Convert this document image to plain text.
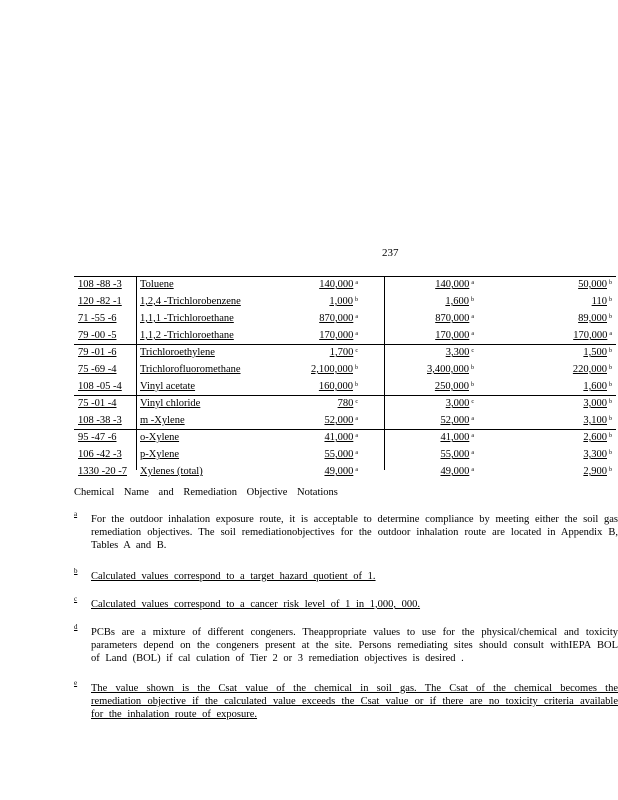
237
108 -88 -3	Toluene	140,000 $^a$	140,000 $^a$	50,000 $^b$
120 -82 -1	1,2,4 -Trichlorobenzene	1,000 $^b$	1,600 $^b$	110 $^b$
71 -55 -6	1,1,1 -Trichloroethane	870,000 $^a$	870,000 $^a$	89,000 $^b$
79 -00 -5	1,1,2 -Trichloroethane	170,000 $^a$	170,000 $^a$	170,000 $^a$
79 -01 -6	Trichloroethylene	1,700 $^c$	3,300 $^c$	1,500 $^b$
75 -69 -4	Trichlorofluoromethane	2,100,000 $^b$	3,400,000 $^b$	220,000 $^b$
108 -05 -4	Vinyl acetate	160,000 $^b$	250,000 $^b$	1,600 $^b$
75 -01 -4	Vinyl chloride	780 $^c$	3,000 $^c$	3,000 $^b$
108 -38 -3	m -Xylene	52,000 $^a$	52,000 $^a$	3,100 $^b$
95 -47 -6	o-Xylene	41,000 $^a$	41,000 $^a$	2,600 $^b$
106 -42 -3	p-Xylene	55,000 $^a$	55,000 $^a$	3,300 $^b$
1330 -20 -7	Xylenes (total)	49,000 $^a$	49,000 $^a$	2,900 $^b$
Chemical Name and Remediation Objective Notations
a For the outdoor inhalation exposure route, it is acceptable to determine compliance by meeting either the soil gas remediation objectives. The soil remediationobjectives for the outdoor inhalation route are located in Appendix B, Tables A and B.
b Calculated values correspond to a target hazard quotient of 1.
c Calculated values correspond to a cancer risk level of 1 in 1,000, 000.
d PCBs are a mixture of different congeners. Theappropriate values to use for the physical/chemical and toxicity parameters depend on the congeners present at the site. Persons remediating sites should consult withIEPA BOL of Land (BOL) if cal culation of Tier 2 or 3 remediation objectives is desired .
e The value shown is the Csat value of the chemical in soil gas. The Csat of the chemical becomes the remediation objective if the calculated value exceeds the Csat value or if there are no toxicity criteria available for the inhalation route of exposure.
